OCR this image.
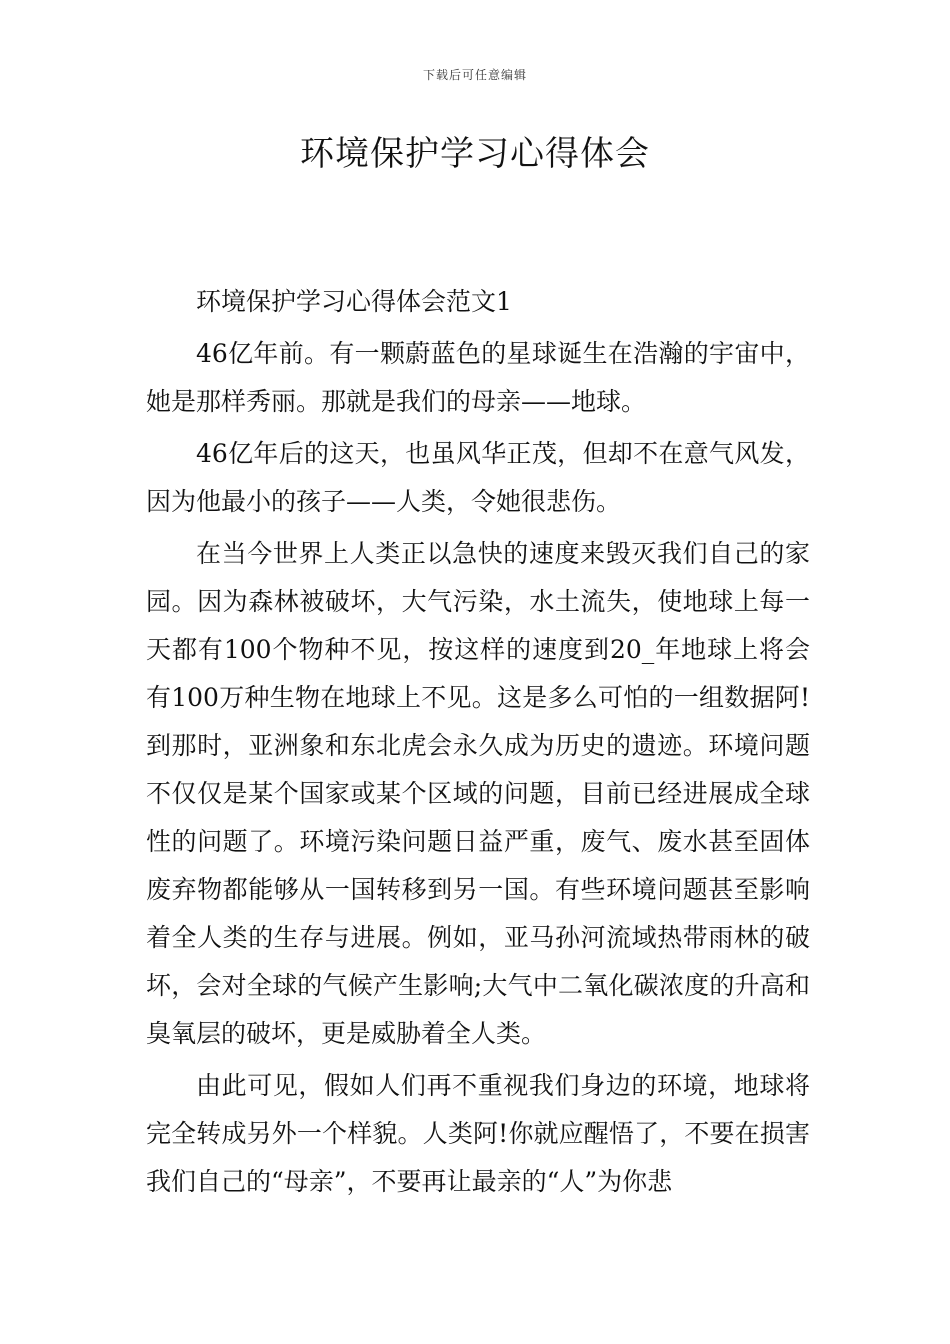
下载后可任意编辑
环境保护学习心得体会

环境保护学习心得体会范文1

46亿年前。有一颗蔚蓝色的星球诞生在浩瀚的宇宙中，她是那样秀丽。那就是我们的母亲——地球。

46亿年后的这天，也虽风华正茂，但却不在意气风发，因为他最小的孩子——人类，令她很悲伤。

在当今世界上人类正以急快的速度来毁灭我们自己的家园。因为森林被破坏，大气污染，水土流失，使地球上每一天都有100个物种不见，按这样的速度到20_年地球上将会有100万种生物在地球上不见。这是多么可怕的一组数据阿!到那时，亚洲象和东北虎会永久成为历史的遗迹。环境问题不仅仅是某个国家或某个区域的问题，目前已经进展成全球性的问题了。环境污染问题日益严重，废气、废水甚至固体废弃物都能够从一国转移到另一国。有些环境问题甚至影响着全人类的生存与进展。例如，亚马孙河流域热带雨林的破坏，会对全球的气候产生影响;大气中二氧化碳浓度的升高和臭氧层的破坏，更是威胁着全人类。

由此可见，假如人们再不重视我们身边的环境，地球将完全转成另外一个样貌。人类阿!你就应醒悟了，不要在损害我们自己的“母亲”，不要再让最亲的“人”为你悲
